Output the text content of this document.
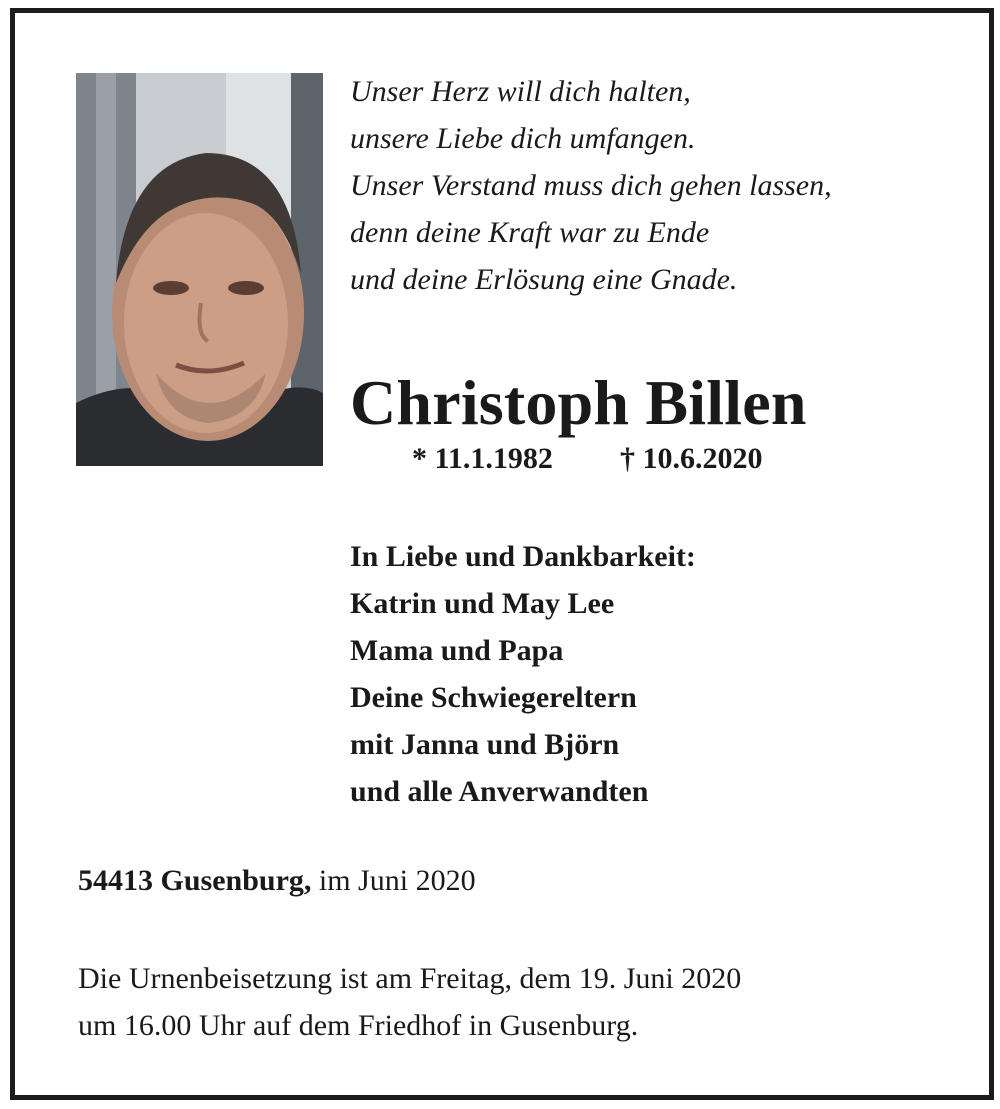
Unser Herz will dich halten,
unsere Liebe dich umfangen.
Unser Verstand muss dich gehen lassen,
denn deine Kraft war zu Ende
und deine Erlösung eine Gnade.
Christoph Billen
* 11.1.1982 † 10.6.2020
In Liebe und Dankbarkeit:
Katrin und May Lee
Mama und Papa
Deine Schwiegereltern
mit Janna und Björn
und alle Anverwandten
54413 Gusenburg, im Juni 2020
Die Urnenbeisetzung ist am Freitag, dem 19. Juni 2020
um 16.00 Uhr auf dem Friedhof in Gusenburg.
